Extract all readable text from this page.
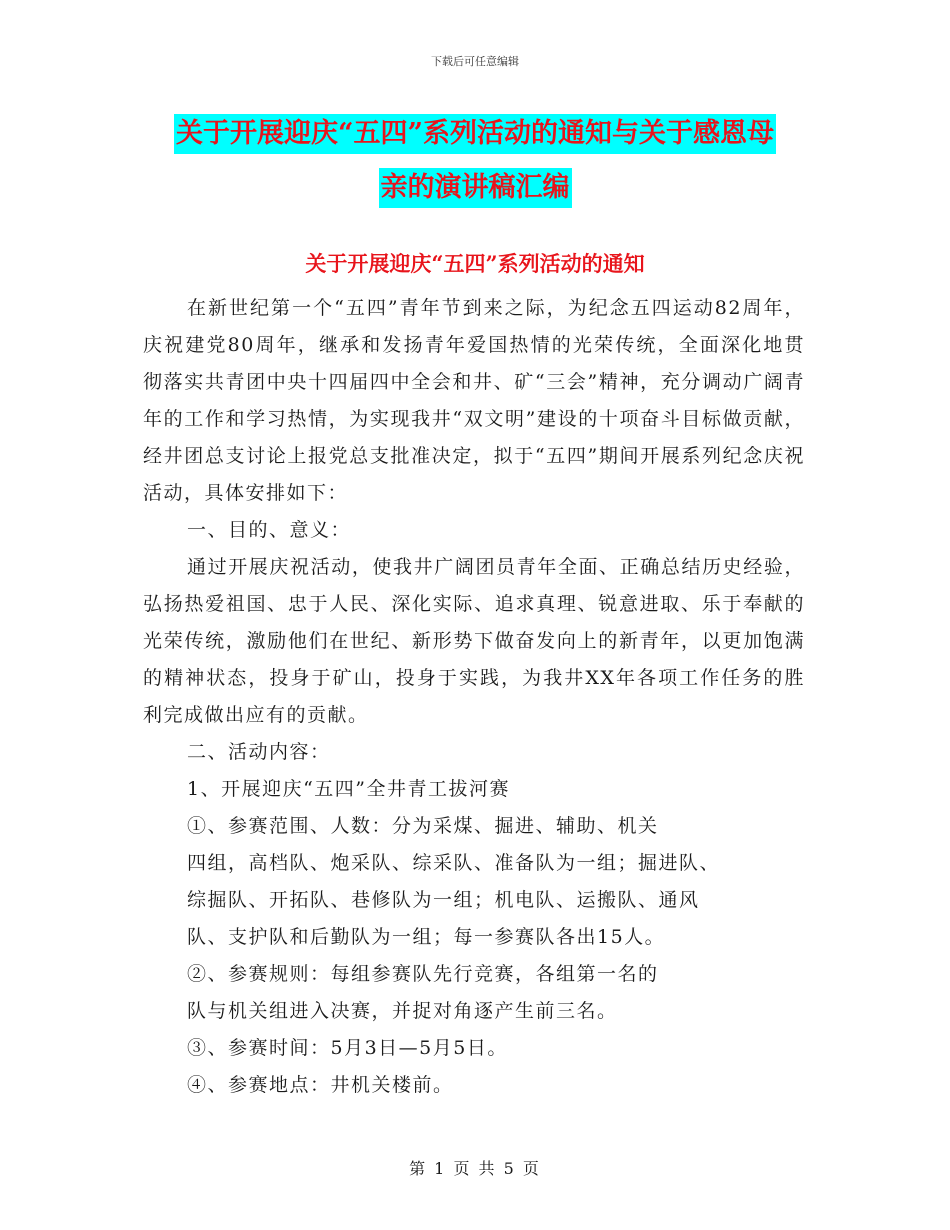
下载后可任意编辑
关于开展迎庆“五四”系列活动的通知与关于感恩母
亲的演讲稿汇编
关于开展迎庆“五四”系列活动的通知

在新世纪第一个“五四”青年节到来之际，为纪念五四运动82周年，庆祝建党80周年，继承和发扬青年爱国热情的光荣传统，全面深化地贯彻落实共青团中央十四届四中全会和井、矿“三会”精神，充分调动广阔青年的工作和学习热情，为实现我井“双文明”建设的十项奋斗目标做贡献，经井团总支讨论上报党总支批准决定，拟于“五四”期间开展系列纪念庆祝活动，具体安排如下：

一、目的、意义：

通过开展庆祝活动，使我井广阔团员青年全面、正确总结历史经验，弘扬热爱祖国、忠于人民、深化实际、追求真理、锐意进取、乐于奉献的光荣传统，激励他们在世纪、新形势下做奋发向上的新青年，以更加饱满的精神状态，投身于矿山，投身于实践，为我井XX年各项工作任务的胜利完成做出应有的贡献。

二、活动内容：

1、开展迎庆“五四”全井青工拔河赛

①、参赛范围、人数：分为采煤、掘进、辅助、机关

四组，高档队、炮采队、综采队、准备队为一组；掘进队、

综掘队、开拓队、巷修队为一组；机电队、运搬队、通风

队、支护队和后勤队为一组；每一参赛队各出15人。

②、参赛规则：每组参赛队先行竞赛，各组第一名的

队与机关组进入决赛，并捉对角逐产生前三名。

③、参赛时间：5月3日—5月5日。

④、参赛地点：井机关楼前。

第 1 页 共 5 页
